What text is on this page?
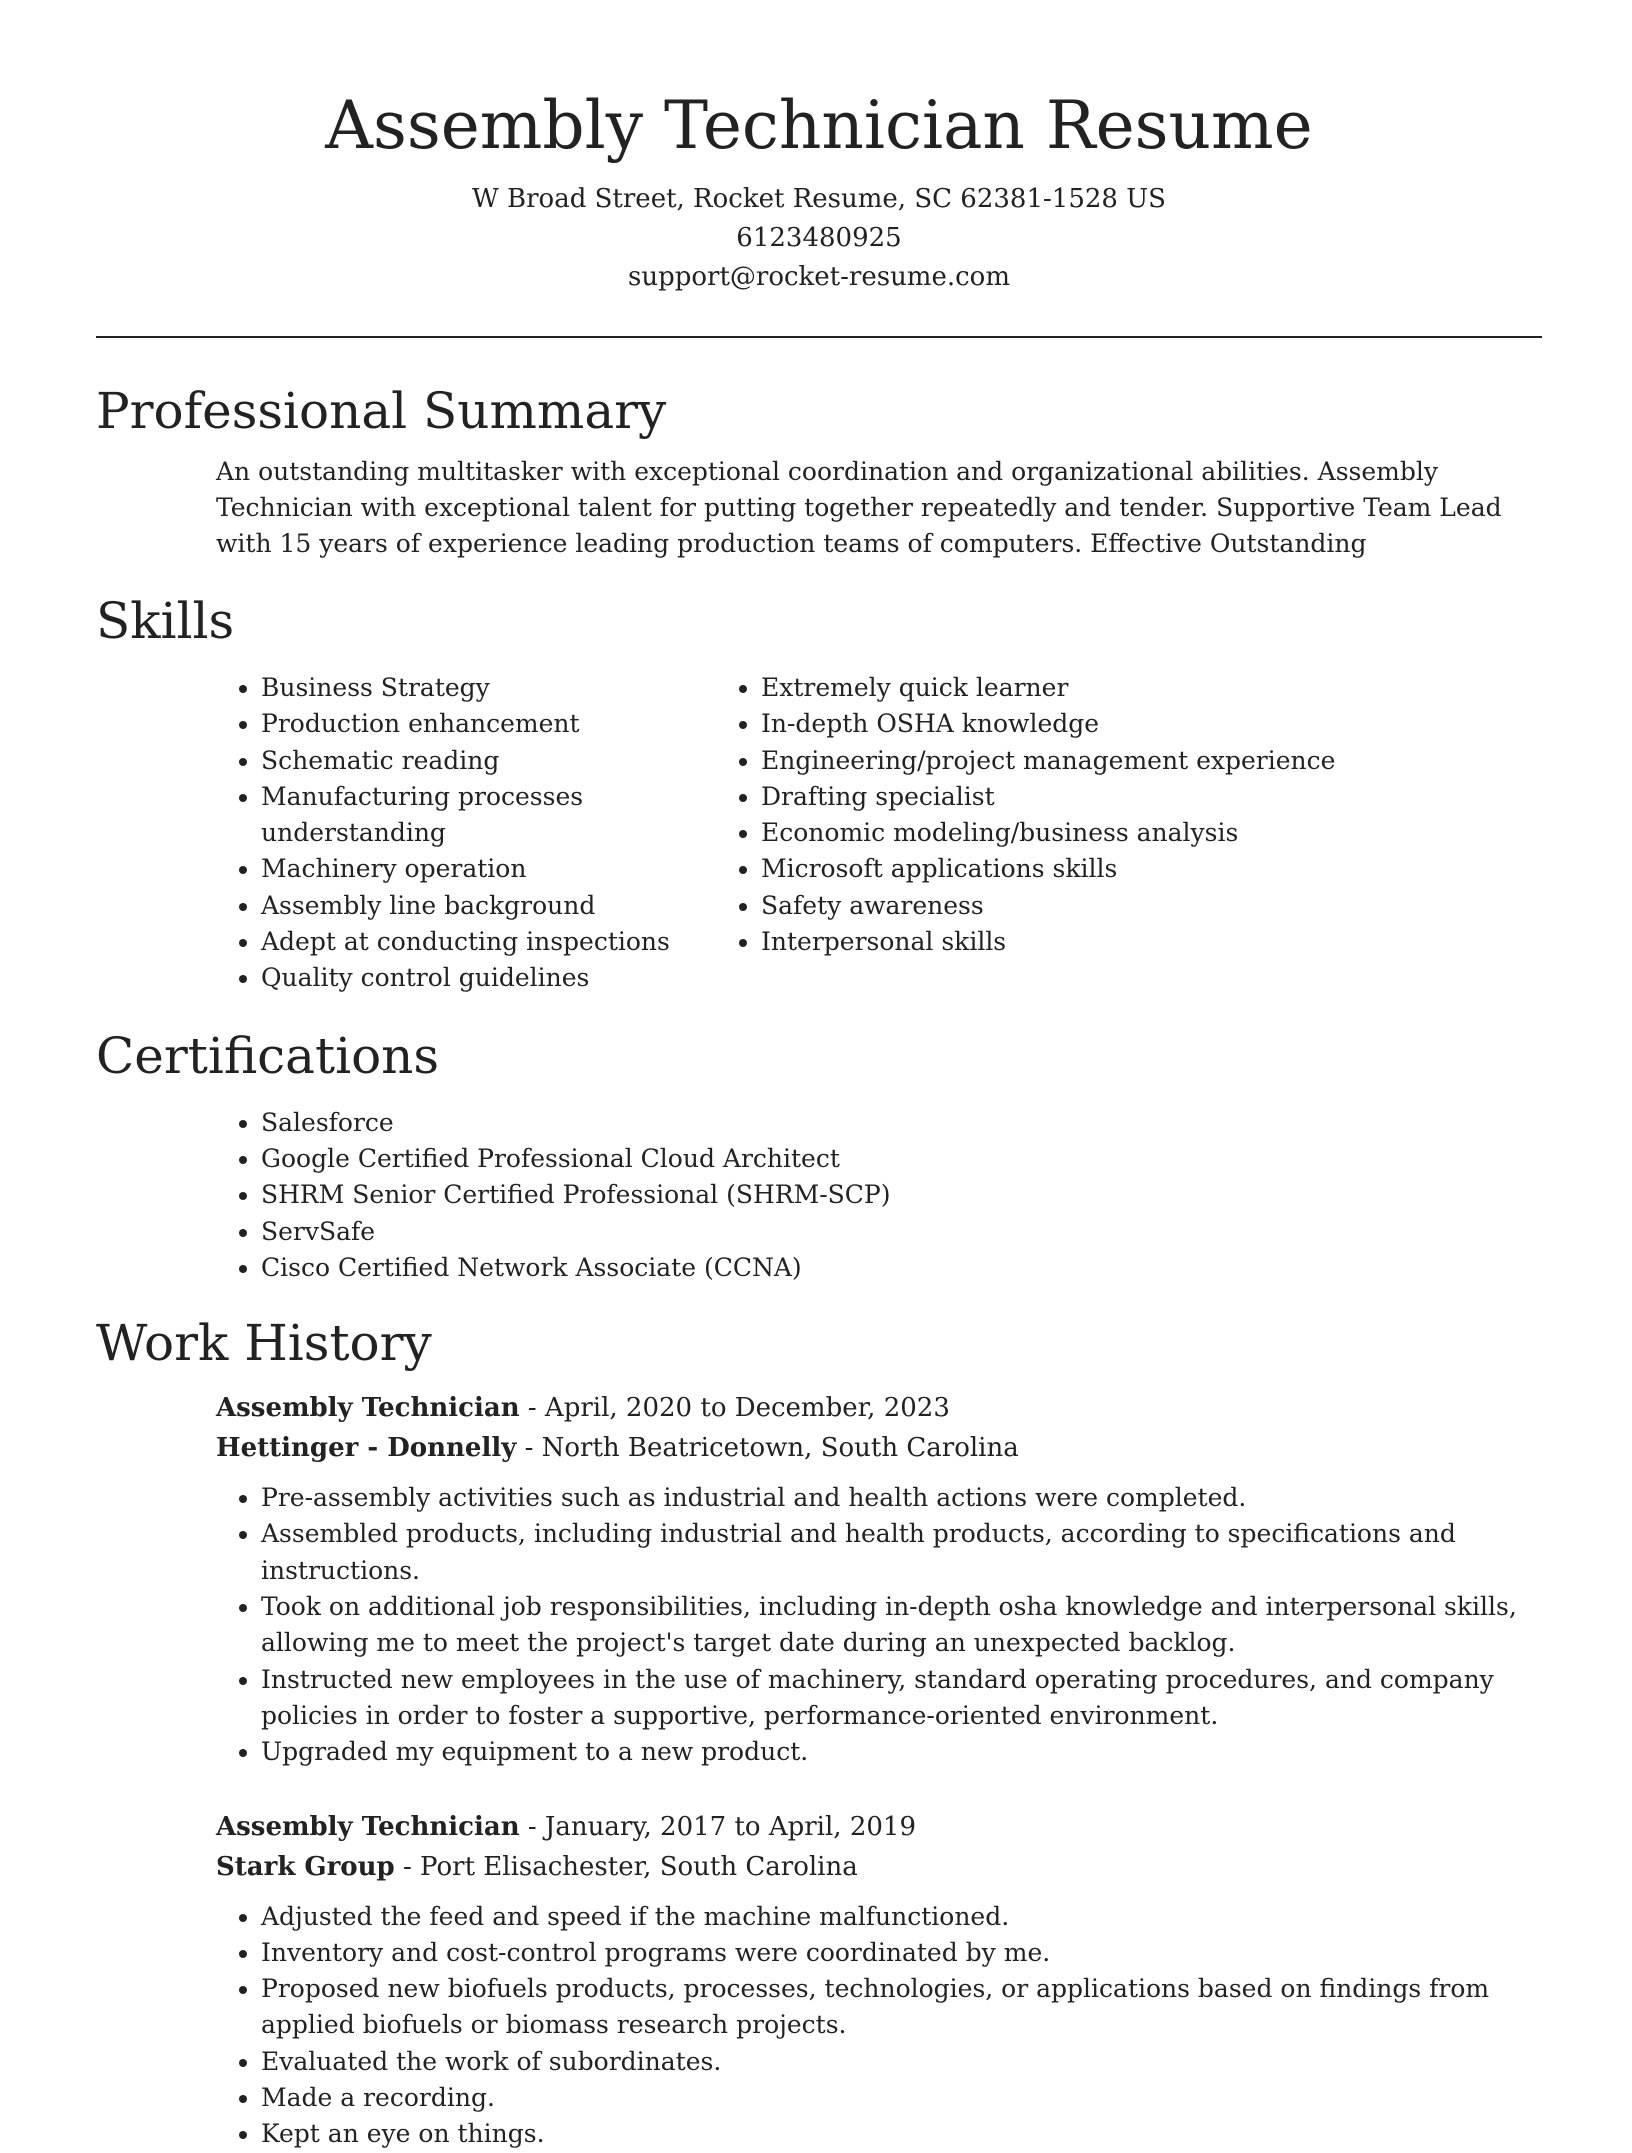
Assembly Technician Resume
W Broad Street, Rocket Resume, SC 62381-1528 US
6123480925
support@rocket-resume.com
Professional Summary

An outstanding multitasker with exceptional coordination and organizational abilities. Assembly Technician with exceptional talent for putting together repeatedly and tender. Supportive Team Lead with 15 years of experience leading production teams of computers. Effective Outstanding

Skills
• Business Strategy
• Production enhancement
• Schematic reading
• Manufacturing processes understanding
• Machinery operation
• Assembly line background
• Adept at conducting inspections
• Quality control guidelines
• Extremely quick learner
• In-depth OSHA knowledge
• Engineering/project management experience
• Drafting specialist
• Economic modeling/business analysis
• Microsoft applications skills
• Safety awareness
• Interpersonal skills
Certifications
• Salesforce
• Google Certified Professional Cloud Architect
• SHRM Senior Certified Professional (SHRM-SCP)
• ServSafe
• Cisco Certified Network Associate (CCNA)
Work History
Assembly Technician - April, 2020 to December, 2023
Hettinger - Donnelly - North Beatricetown, South Carolina
• Pre-assembly activities such as industrial and health actions were completed.
• Assembled products, including industrial and health products, according to specifications and instructions.
• Took on additional job responsibilities, including in-depth osha knowledge and interpersonal skills, allowing me to meet the project's target date during an unexpected backlog.
• Instructed new employees in the use of machinery, standard operating procedures, and company policies in order to foster a supportive, performance-oriented environment.
• Upgraded my equipment to a new product.
Assembly Technician - January, 2017 to April, 2019
Stark Group - Port Elisachester, South Carolina
• Adjusted the feed and speed if the machine malfunctioned.
• Inventory and cost-control programs were coordinated by me.
• Proposed new biofuels products, processes, technologies, or applications based on findings from applied biofuels or biomass research projects.
• Evaluated the work of subordinates.
• Made a recording.
• Kept an eye on things.
